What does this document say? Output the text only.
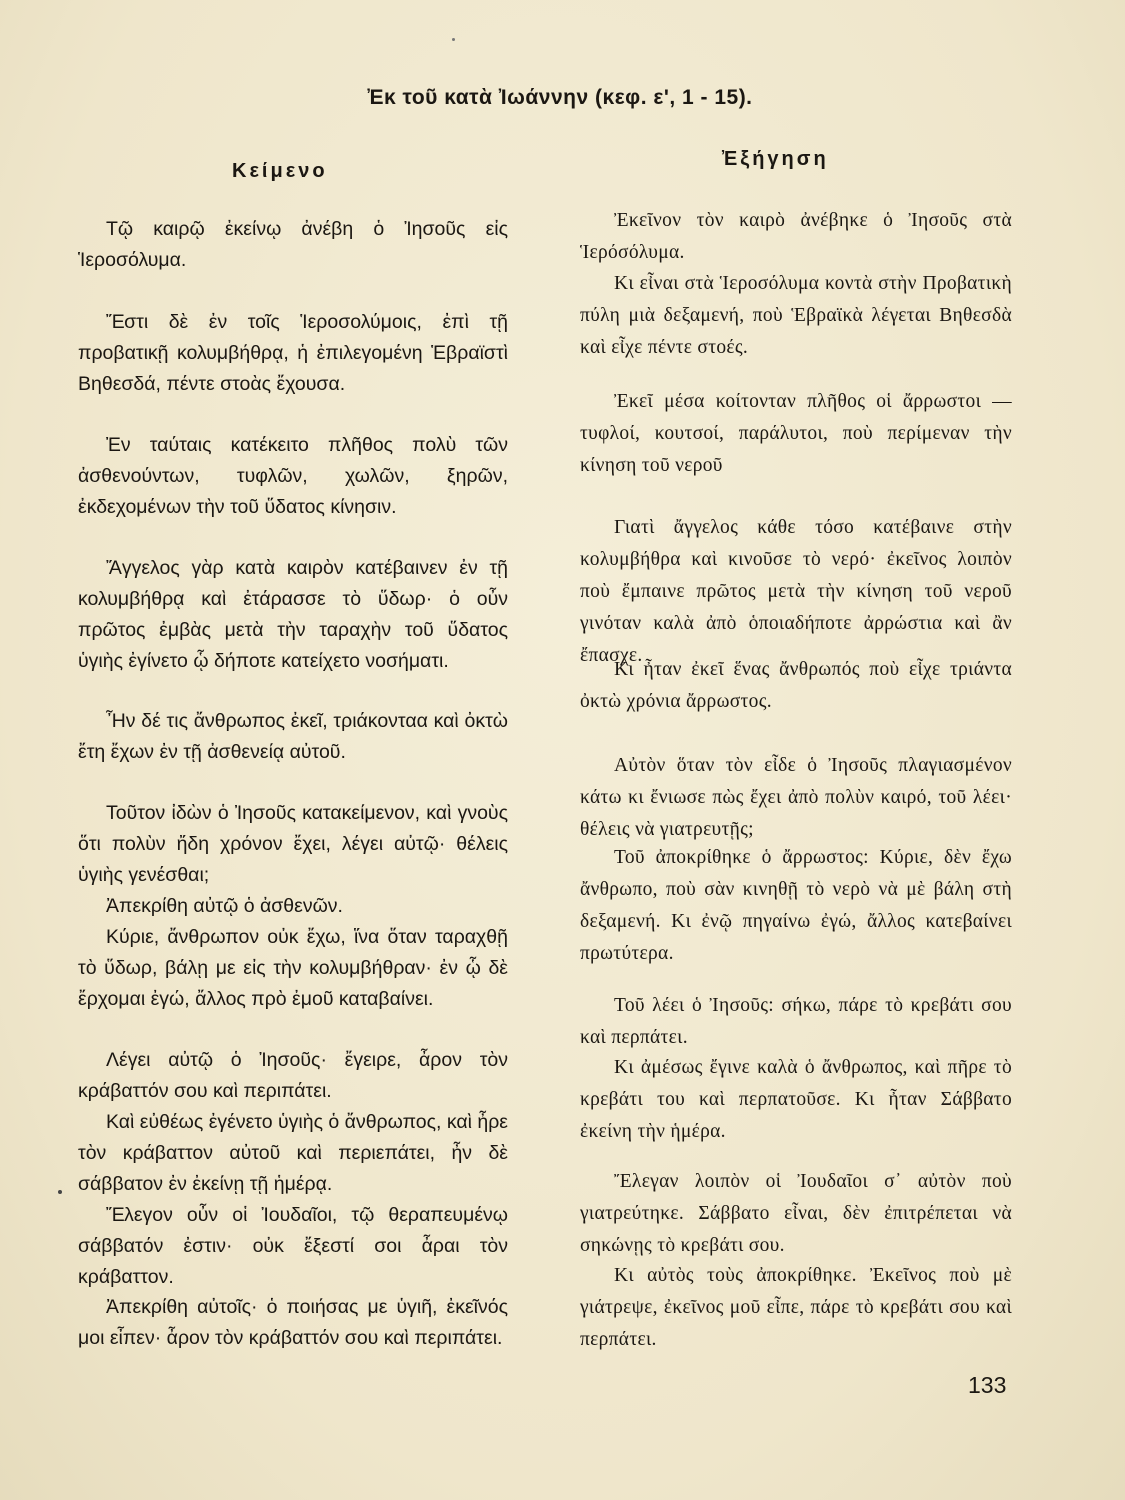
Ἐκ τοῦ κατὰ Ἰωάννην (κεφ. ε', 1 - 15).
Κείμενο
Ἐξήγηση

Τῷ καιρῷ ἐκείνῳ ἀνέβη ὁ Ἰησοῦς εἰς Ἱεροσόλυμα.

Ἔστι δὲ ἐν τοῖς Ἱεροσολύμοις, ἐπὶ τῇ προβατικῇ κολυμβήθρᾳ, ἡ ἐπιλεγομένη Ἑβραϊστὶ Βηθεσδά, πέντε στοὰς ἔχουσα.

Ἐν ταύταις κατέκειτο πλῆθος πολὺ τῶν ἀσθενούντων, τυφλῶν, χωλῶν, ξηρῶν, ἐκδεχομένων τὴν τοῦ ὕδατος κίνησιν.

Ἄγγελος γὰρ κατὰ καιρὸν κατέβαινεν ἐν τῇ κολυμβήθρᾳ καὶ ἐτάρασσε τὸ ὕδωρ· ὁ οὖν πρῶτος ἐμβὰς μετὰ τὴν ταραχὴν τοῦ ὕδατος ὑγιὴς ἐγίνετο ᾧ δήποτε κατείχετο νοσήματι.

Ἦν δέ τις ἄνθρωπος ἐκεῖ, τριάκονταα καὶ ὀκτὼ ἔτη ἔχων ἐν τῇ ἀσθενείᾳ αὐτοῦ.

Τοῦτον ἰδὼν ὁ Ἰησοῦς κατακείμενον, καὶ γνοὺς ὅτι πολὺν ἤδη χρόνον ἔχει, λέγει αὐτῷ· θέλεις ὑγιὴς γενέσθαι;

Ἀπεκρίθη αὐτῷ ὁ ἀσθενῶν.

Κύριε, ἄνθρωπον οὐκ ἔχω, ἵνα ὅταν ταραχθῇ τὸ ὕδωρ, βάλῃ με εἰς τὴν κολυμβήθραν· ἐν ᾧ δὲ ἔρχομαι ἐγώ, ἄλλος πρὸ ἐμοῦ καταβαίνει.

Λέγει αὐτῷ ὁ Ἰησοῦς· ἔγειρε, ἆρον τὸν κράβαττόν σου καὶ περιπάτει.

Καὶ εὐθέως ἐγένετο ὑγιὴς ὁ ἄνθρωπος, καὶ ἦρε τὸν κράβαττον αὐτοῦ καὶ περιεπάτει, ἦν δὲ σάββατον ἐν ἐκείνῃ τῇ ἡμέρᾳ.

Ἔλεγον οὖν οἱ Ἰουδαῖοι, τῷ θεραπευμένῳ σάββατόν ἐστιν· οὐκ ἔξεστί σοι ἆραι τὸν κράβαττον.

Ἀπεκρίθη αὐτοῖς· ὁ ποιήσας με ὑγιῆ, ἐκεῖνός μοι εἶπεν· ἆρον τὸν κράβαττόν σου καὶ περιπάτει.

Ἐκεῖνον τὸν καιρὸ ἀνέβηκε ὁ Ἰησοῦς στὰ Ἱερόσόλυμα.

Κι εἶναι στὰ Ἱεροσόλυμα κοντὰ στὴν Προβατικὴ πύλη μιὰ δεξαμενή, ποὺ Ἑβραϊκὰ λέγεται Βηθεσδὰ καὶ εἶχε πέντε στοές.

Ἐκεῖ μέσα κοίτονταν πλῆθος οἱ ἄρρωστοι — τυφλοί, κουτσοί, παράλυτοι, ποὺ περίμεναν τὴν κίνηση τοῦ νεροῦ

Γιατὶ ἄγγελος κάθε τόσο κατέβαινε στὴν κολυμβήθρα καὶ κινοῦσε τὸ νερό· ἐκεῖνος λοιπὸν ποὺ ἔμπαινε πρῶτος μετὰ τὴν κίνηση τοῦ νεροῦ γινόταν καλὰ ἀπὸ ὁποιαδήποτε ἀρρώστια καὶ ἂν ἔπασχε.

Κι ἦταν ἐκεῖ ἕνας ἄνθρωπός ποὺ εἶχε τριάντα ὀκτὼ χρόνια ἄρρωστος.

Αὐτὸν ὅταν τὸν εἶδε ὁ Ἰησοῦς πλαγιασμένον κάτω κι ἔνιωσε πὼς ἔχει ἀπὸ πολὺν καιρό, τοῦ λέει· θέλεις νὰ γιατρευτῇς;

Τοῦ ἀποκρίθηκε ὁ ἄρρωστος: Κύριε, δὲν ἔχω ἄνθρωπο, ποὺ σὰν κινηθῇ τὸ νερὸ νὰ μὲ βάλη στὴ δεξαμενή. Κι ἐνῷ πηγαίνω ἐγώ, ἄλλος κατεβαίνει πρωτύτερα.

Τοῦ λέει ὁ Ἰησοῦς: σήκω, πάρε τὸ κρεβάτι σου καὶ περπάτει.

Κι ἀμέσως ἔγινε καλὰ ὁ ἄνθρωπος, καὶ πῆρε τὸ κρεβάτι του καὶ περπατοῦσε. Κι ἦταν Σάββατο ἐκείνη τὴν ἡμέρα.

Ἔλεγαν λοιπὸν οἱ Ἰουδαῖοι σ᾽ αὐτὸν ποὺ γιατρεύτηκε. Σάββατο εἶναι, δὲν ἐπιτρέπεται νὰ σηκώνῃς τὸ κρεβάτι σου.

Κι αὐτὸς τοὺς ἀποκρίθηκε. Ἐκεῖνος ποὺ μὲ γιάτρεψε, ἐκεῖνος μοῦ εἶπε, πάρε τὸ κρεβάτι σου καὶ περπάτει.

133
